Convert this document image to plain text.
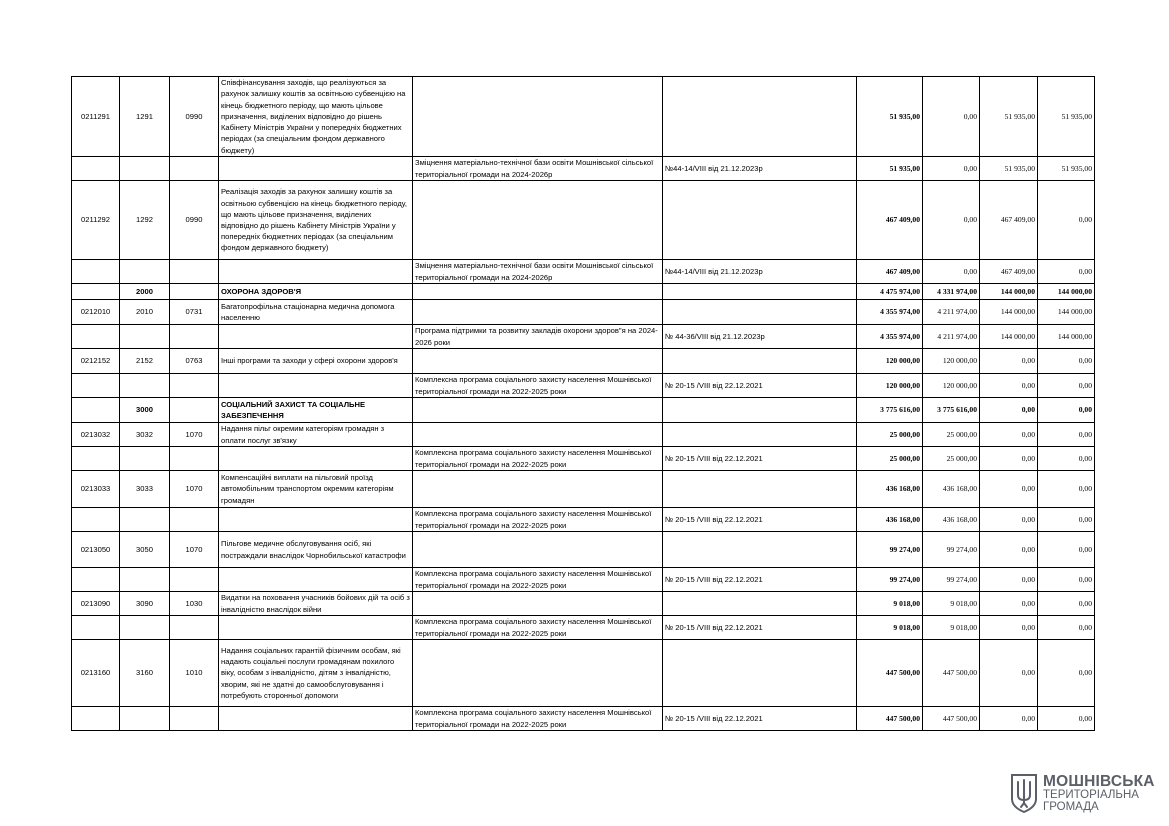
0211291	1291	0990	Співфінансування заходів, що реалізуються за рахунок залишку коштів за освітньою субвенцією на кінець бюджетного періоду, що мають цільове призначення, виділених відповідно до рішень Кабінету Міністрів України у попередніх бюджетних періодах (за спеціальним фондом державного бюджету)			51 935,00	0,00	51 935,00	51 935,00
				Зміцнення матеріально-технічної бази освіти Мошнівської сільської територіальної громади на 2024-2026р	№44-14/VIII від 21.12.2023р	51 935,00	0,00	51 935,00	51 935,00
0211292	1292	0990	Реалізація заходів за рахунок залишку коштів за освітньою субвенцією на кінець бюджетного періоду, що мають цільове призначення, виділених відповідно до рішень Кабінету Міністрів України у попередніх бюджетних періодах (за спеціальним фондом державного бюджету)			467 409,00	0,00	467 409,00	0,00
				Зміцнення матеріально-технічної бази освіти Мошнівської сільської територіальної громади на 2024-2026р	№44-14/VIII від 21.12.2023р	467 409,00	0,00	467 409,00	0,00
	2000		ОХОРОНА ЗДОРОВ'Я			4 475 974,00	4 331 974,00	144 000,00	144 000,00
0212010	2010	0731	Багатопрофільна стаціонарна медична допомога населенню			4 355 974,00	4 211 974,00	144 000,00	144 000,00
				Програма підтримки та розвитку закладів охорони здоров"я на 2024-2026 роки	№ 44-36/VIII від 21.12.2023р	4 355 974,00	4 211 974,00	144 000,00	144 000,00
0212152	2152	0763	Інші програми та заходи у сфері охорони здоров'я			120 000,00	120 000,00	0,00	0,00
				Комплексна програма соціального захисту населення Мошнівської територіальної громади на 2022-2025 роки	№ 20-15 /VIII від 22.12.2021	120 000,00	120 000,00	0,00	0,00
	3000		СОЦІАЛЬНИЙ ЗАХИСТ ТА СОЦІАЛЬНЕ ЗАБЕЗПЕЧЕННЯ			3 775 616,00	3 775 616,00	0,00	0,00
0213032	3032	1070	Надання пільг окремим категоріям громадян з оплати послуг зв'язку			25 000,00	25 000,00	0,00	0,00
				Комплексна програма соціального захисту населення Мошнівської територіальної громади на 2022-2025 роки	№ 20-15 /VIII від 22.12.2021	25 000,00	25 000,00	0,00	0,00
0213033	3033	1070	Компенсаційні виплати на пільговий проїзд автомобільним транспортом окремим категоріям громадян			436 168,00	436 168,00	0,00	0,00
				Комплексна програма соціального захисту населення Мошнівської територіальної громади на 2022-2025 роки	№ 20-15 /VIII від 22.12.2021	436 168,00	436 168,00	0,00	0,00
0213050	3050	1070	Пільгове медичне обслуговування осіб, які постраждали внаслідок Чорнобильської катастрофи			99 274,00	99 274,00	0,00	0,00
				Комплексна програма соціального захисту населення Мошнівської територіальної громади на 2022-2025 роки	№ 20-15 /VIII від 22.12.2021	99 274,00	99 274,00	0,00	0,00
0213090	3090	1030	Видатки на поховання учасників бойових дій та осіб з інвалідністю внаслідок війни			9 018,00	9 018,00	0,00	0,00
				Комплексна програма соціального захисту населення Мошнівської територіальної громади на 2022-2025 роки	№ 20-15 /VIII від 22.12.2021	9 018,00	9 018,00	0,00	0,00
0213160	3160	1010	Надання соціальних гарантій фізичним особам, які надають соціальні послуги громадянам похилого віку, особам з інвалідністю, дітям з інвалідністю, хворим, які не здатні до самообслуговування і потребують сторонньої допомоги			447 500,00	447 500,00	0,00	0,00
				Комплексна програма соціального захисту населення Мошнівської територіальної громади на 2022-2025 роки	№ 20-15 /VIII від 22.12.2021	447 500,00	447 500,00	0,00	0,00
МОШНІВСЬКА
ТЕРИТОРІАЛЬНА
ГРОМАДА
